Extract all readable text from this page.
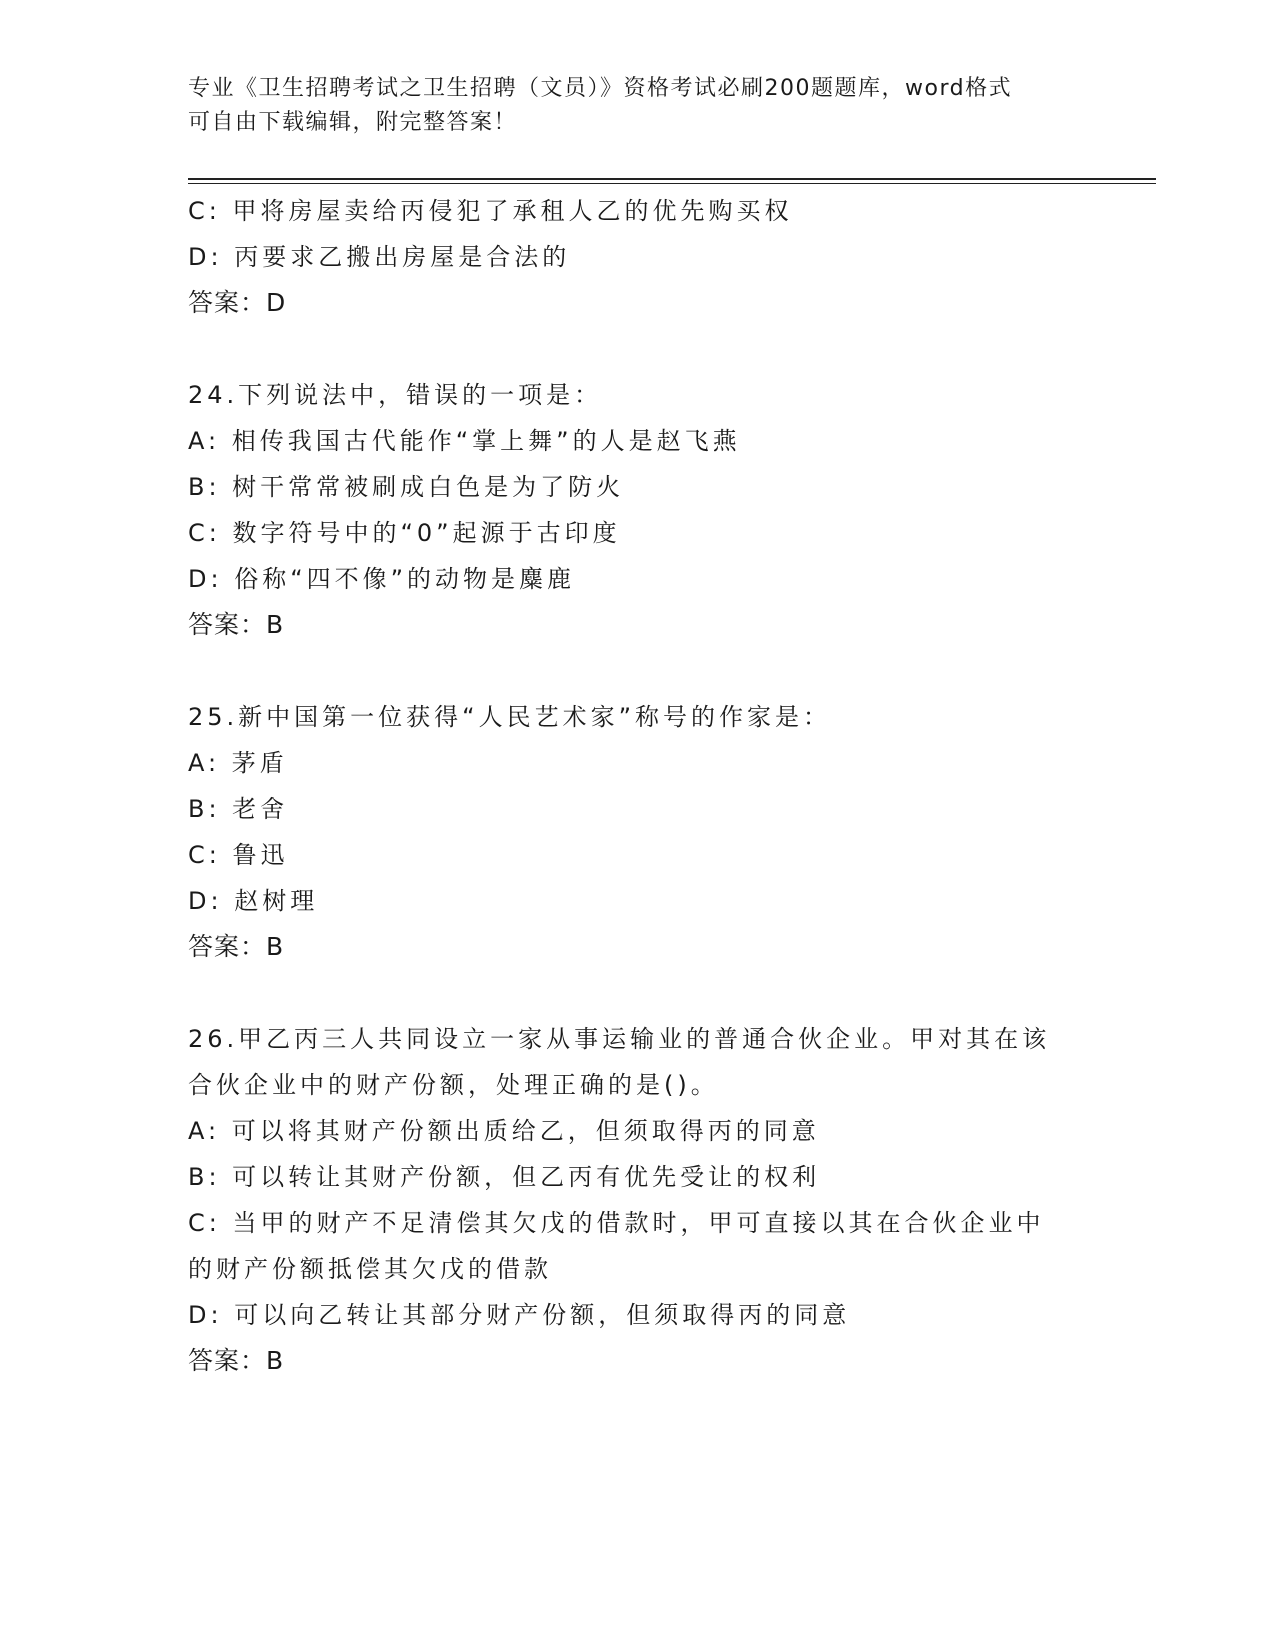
专业《卫生招聘考试之卫生招聘（文员）》资格考试必刷200题题库，word格式
可自由下载编辑，附完整答案！
C: 甲将房屋卖给丙侵犯了承租人乙的优先购买权
D: 丙要求乙搬出房屋是合法的
答案：D
24.下列说法中，错误的一项是：
A: 相传我国古代能作“掌上舞”的人是赵飞燕
B: 树干常常被刷成白色是为了防火
C: 数字符号中的“0”起源于古印度
D: 俗称“四不像”的动物是麋鹿
答案：B
25.新中国第一位获得“人民艺术家”称号的作家是：
A: 茅盾
B: 老舍
C: 鲁迅
D: 赵树理
答案：B
26.甲乙丙三人共同设立一家从事运输业的普通合伙企业。甲对其在该
合伙企业中的财产份额，处理正确的是()。
A: 可以将其财产份额出质给乙，但须取得丙的同意
B: 可以转让其财产份额，但乙丙有优先受让的权利
C: 当甲的财产不足清偿其欠戊的借款时，甲可直接以其在合伙企业中
的财产份额抵偿其欠戊的借款
D: 可以向乙转让其部分财产份额，但须取得丙的同意
答案：B
